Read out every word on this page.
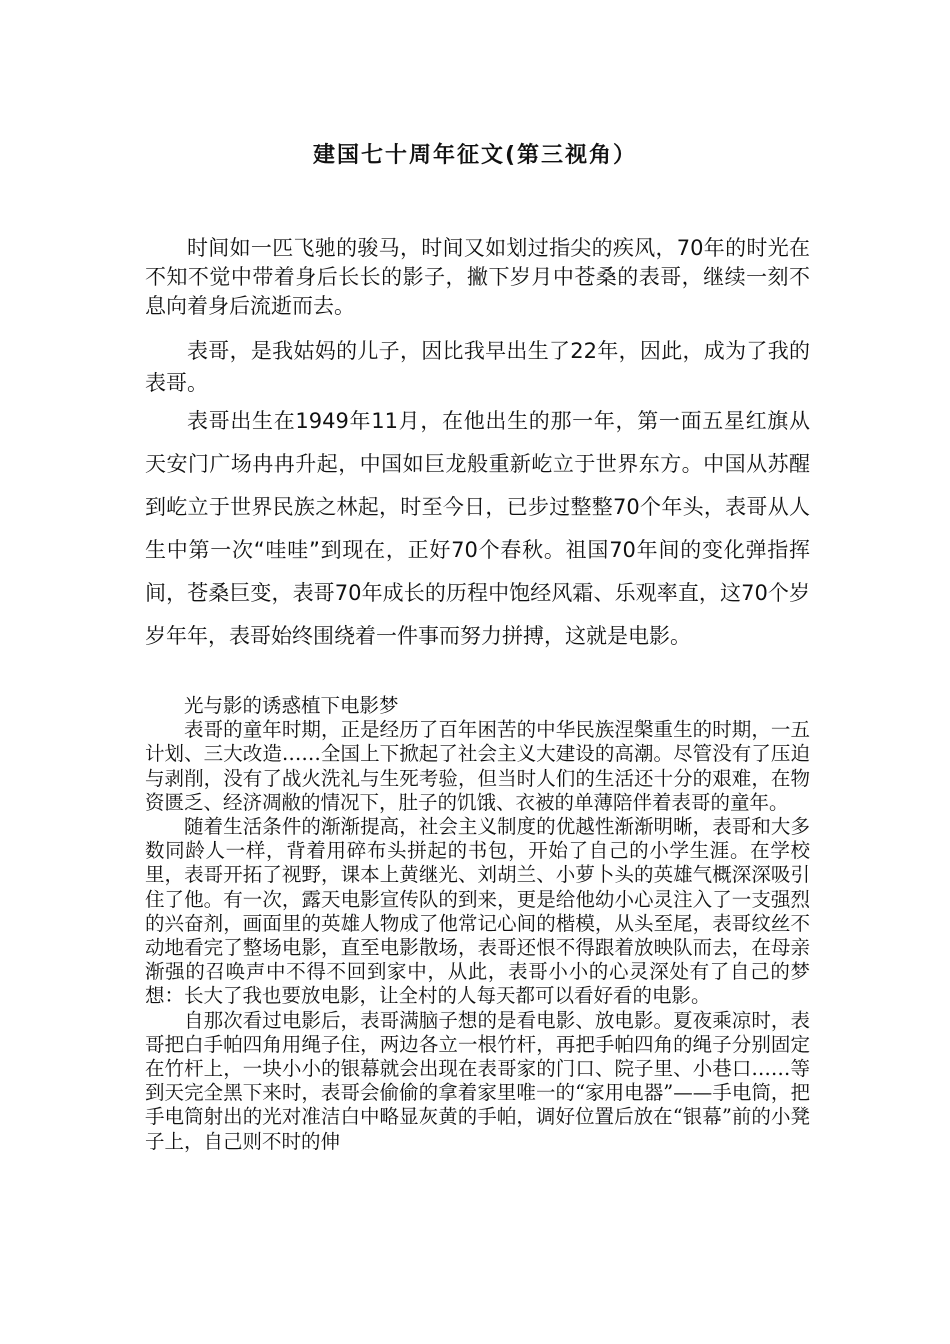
建国七十周年征文(第三视角）

时间如一匹飞驰的骏马，时间又如划过指尖的疾风，70年的时光在不知不觉中带着身后长长的影子，撇下岁月中苍桑的表哥，继续一刻不息向着身后流逝而去。

表哥，是我姑妈的儿子，因比我早出生了22年，因此，成为了我的表哥。

表哥出生在1949年11月，在他出生的那一年，第一面五星红旗从天安门广场冉冉升起，中国如巨龙般重新屹立于世界东方。中国从苏醒到屹立于世界民族之林起，时至今日，已步过整整70个年头，表哥从人生中第一次“哇哇”到现在，正好70个春秋。祖国70年间的变化弹指挥间，苍桑巨变，表哥70年成长的历程中饱经风霜、乐观率直，这70个岁岁年年，表哥始终围绕着一件事而努力拼搏，这就是电影。

光与影的诱惑植下电影梦

表哥的童年时期，正是经历了百年困苦的中华民族涅槃重生的时期，一五计划、三大改造……全国上下掀起了社会主义大建设的高潮。尽管没有了压迫与剥削，没有了战火洗礼与生死考验，但当时人们的生活还十分的艰难，在物资匮乏、经济凋敝的情况下，肚子的饥饿、衣被的单薄陪伴着表哥的童年。

随着生活条件的渐渐提高，社会主义制度的优越性渐渐明晰，表哥和大多数同龄人一样，背着用碎布头拼起的书包，开始了自己的小学生涯。在学校里，表哥开拓了视野，课本上黄继光、刘胡兰、小萝卜头的英雄气概深深吸引住了他。有一次，露天电影宣传队的到来，更是给他幼小心灵注入了一支强烈的兴奋剂，画面里的英雄人物成了他常记心间的楷模，从头至尾，表哥纹丝不动地看完了整场电影，直至电影散场，表哥还恨不得跟着放映队而去，在母亲渐强的召唤声中不得不回到家中，从此，表哥小小的心灵深处有了自己的梦想：长大了我也要放电影，让全村的人每天都可以看好看的电影。

自那次看过电影后，表哥满脑子想的是看电影、放电影。夏夜乘凉时，表哥把白手帕四角用绳子住，两边各立一根竹杆，再把手帕四角的绳子分别固定在竹杆上，一块小小的银幕就会出现在表哥家的门口、院子里、小巷口……等到天完全黑下来时，表哥会偷偷的拿着家里唯一的“家用电器”——手电筒，把手电筒射出的光对准洁白中略显灰黄的手帕，调好位置后放在“银幕”前的小凳子上，自己则不时的伸
